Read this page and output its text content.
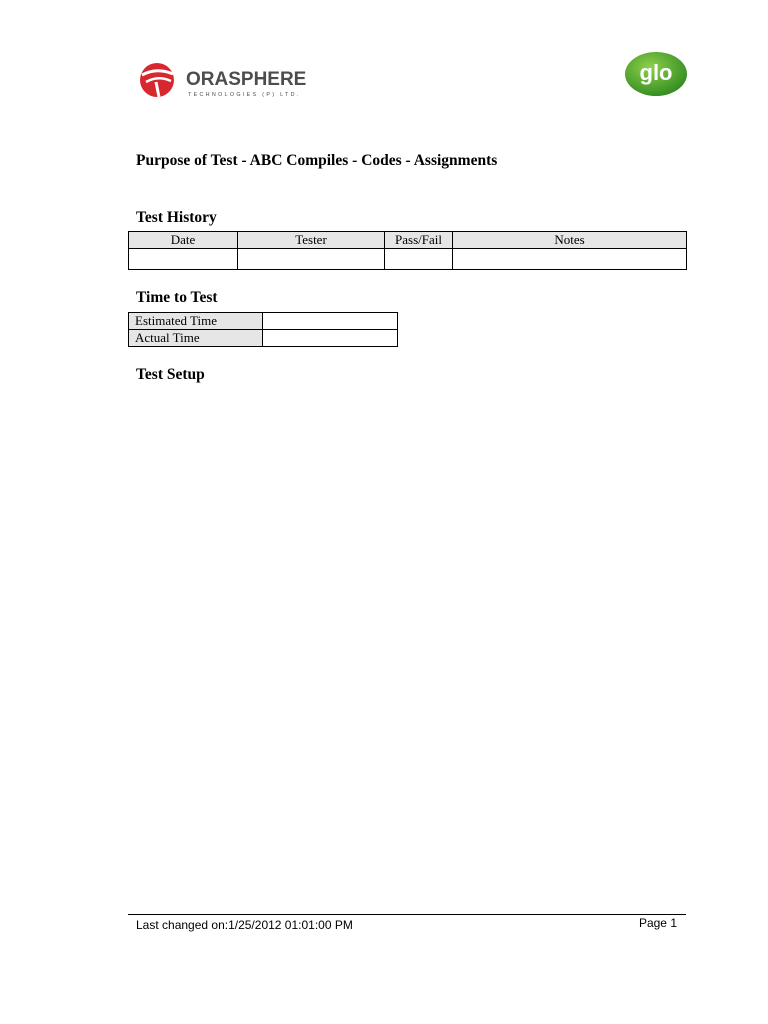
ORASPHERE
TECHNOLOGIES (P) LTD.
glo
Purpose of Test - ABC Compiles - Codes - Assignments
Test History
Date	Tester	Pass/Fail	Notes

Time to Test
Estimated Time	
Actual Time	
Test Setup
Last changed on:1/25/2012 01:01:00 PM	Page 1
